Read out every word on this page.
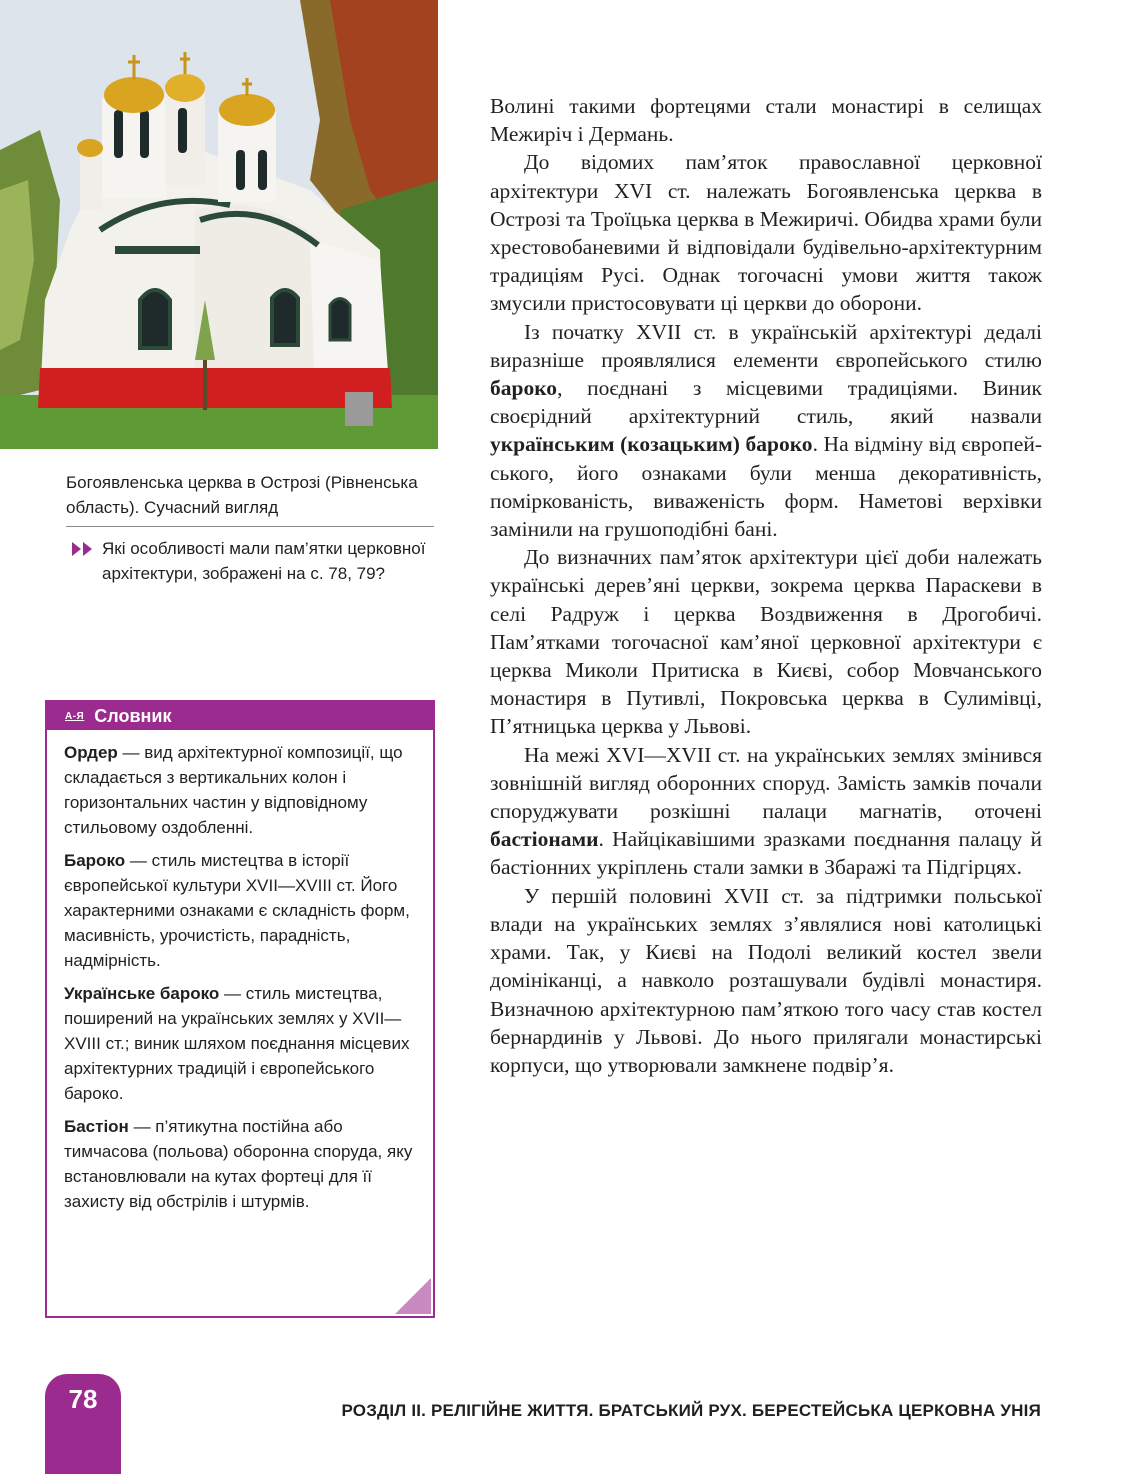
Богоявленська церква в Острозі (Рівненська область). Сучасний вигляд
Які особливості мали пам’ятки церковної архітектури, зображені на с. 78, 79?
А-Я Словник
Ордер — вид архітектурної композиції, що складається з вертикальних колон і горизонтальних частин у відповідному стильовому оздобленні.
Бароко — стиль мистецтва в історії європейської культури XVII—XVIII ст. Його характерними ознаками є складність форм, масивність, урочистість, парадність, надмірність.
Українське бароко — стиль мистецтва, поширений на українських землях у XVII—XVIII ст.; виник шляхом поєднання місцевих архітектурних традицій і європейського бароко.
Бастіон — п’ятикутна постійна або тимчасова (польова) оборонна споруда, яку встановлювали на кутах фортеці для її захисту від обстрілів і штурмів.

Волині такими фортецями стали монастирі в селищах Межиріч і Дермань.

До відомих пам’яток православної церковної архітектури XVI ст. належать Богоявленська церква в Острозі та Троїцька церква в Межиричі. Обидва храми були хрестовобаневими й відповідали будівельно-архітектурним традиціям Русі. Однак тогочасні умови життя також змусили пристосовувати ці церкви до оборони.

Із початку XVII ст. в українській архітектурі дедалі виразніше проявлялися елементи європейського стилю бароко, поєднані з місцевими традиціями. Виник своєрідний архітектурний стиль, який назвали українським (козацьким) бароко. На відміну від європейського, його ознаками були менша декоративність, поміркованість, виваженість форм. Наметові верхівки замінили на грушоподібні бані.

До визначних пам’яток архітектури цієї доби належать українські дерев’яні церкви, зокрема церква Параскеви в селі Радруж і церква Воздвиження в Дрогобичі. Пам’ятками тогочасної кам’яної церковної архітектури є церква Миколи Притиска в Києві, собор Мовчанського монастиря в Путивлі, Покровська церква в Сулимівці, П’ятницька церква у Львові.

На межі XVI—XVII ст. на українських землях змінився зовнішній вигляд оборонних споруд. Замість замків почали споруджувати розкішні палаци магнатів, оточені бастіонами. Найцікавішими зразками поєднання палацу й бастіонних укріплень стали замки в Збаражі та Підгірцях.

У першій половині XVII ст. за підтримки польської влади на українських землях з’являлися нові католицькі храми. Так, у Києві на Подолі великий костел звели домініканці, а навколо розташували будівлі монастиря. Визначною архітектурною пам’яткою того часу став костел бернардинів у Львові. До нього прилягали монастирські корпуси, що утворювали замкнене подвір’я.

78	РОЗДІЛ ІІ. РЕЛІГІЙНЕ ЖИТТЯ. БРАТСЬКИЙ РУХ. БЕРЕСТЕЙСЬКА ЦЕРКОВНА УНІЯ
